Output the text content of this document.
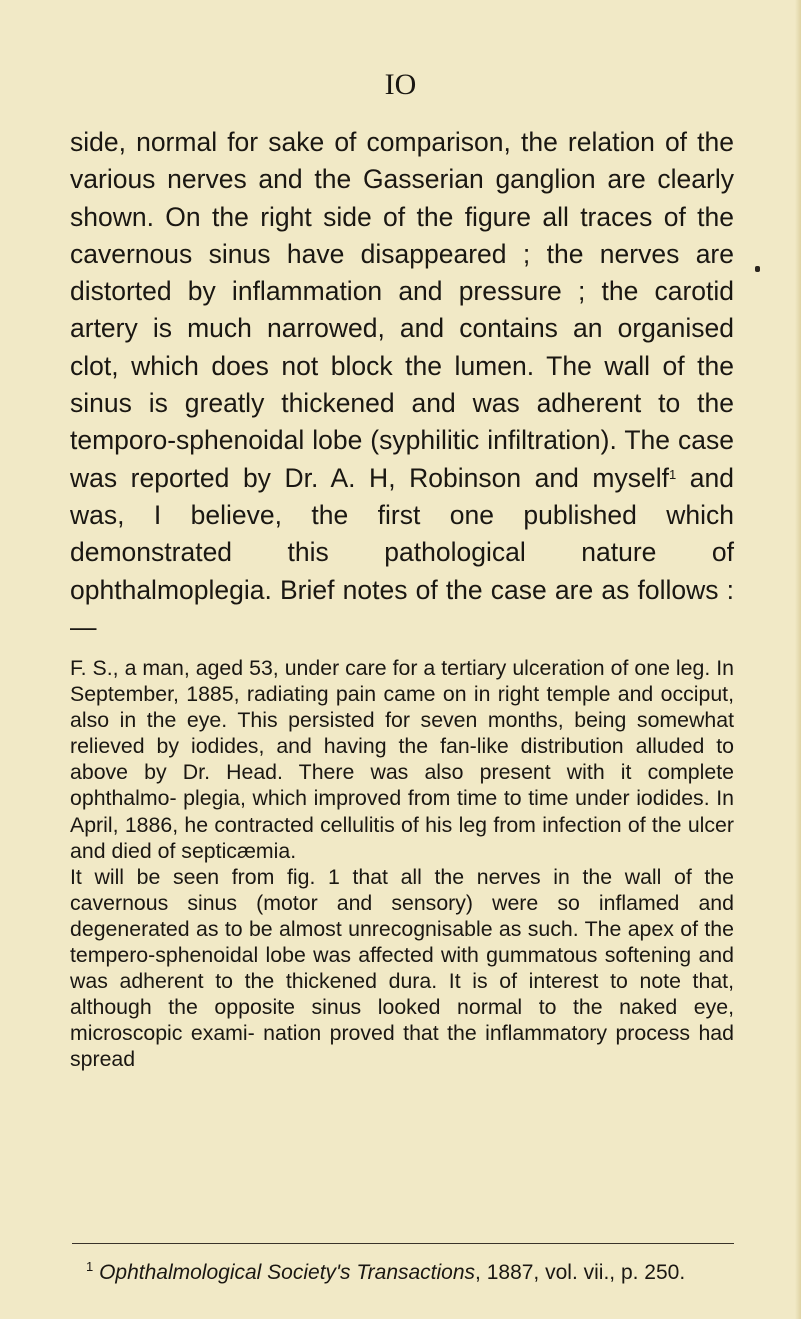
IO

side, normal for sake of comparison, the relation of the various nerves and the Gasserian ganglion are clearly shown. On the right side of the figure all traces of the cavernous sinus have disappeared ; the nerves are distorted by inflammation and pressure ; the carotid artery is much narrowed, and contains an organised clot, which does not block the lumen. The wall of the sinus is greatly thickened and was adherent to the temporo-sphenoidal lobe (syphilitic infiltration). The case was reported by Dr. A. H, Robinson and myself$^1$ and was, I believe, the first one published which demonstrated this pathological nature of ophthalmoplegia. Brief notes of the case are as follows :—

F. S., a man, aged 53, under care for a tertiary ulceration of one leg. In September, 1885, radiating pain came on in right temple and occiput, also in the eye. This persisted for seven months, being somewhat relieved by iodides, and having the fan-like distribution alluded to above by Dr. Head. There was also present with it complete ophthalmo- plegia, which improved from time to time under iodides. In April, 1886, he contracted cellulitis of his leg from infection of the ulcer and died of septicæmia.

It will be seen from fig. 1 that all the nerves in the wall of the cavernous sinus (motor and sensory) were so inflamed and degenerated as to be almost unrecognisable as such. The apex of the tempero-sphenoidal lobe was affected with gummatous softening and was adherent to the thickened dura. It is of interest to note that, although the opposite sinus looked normal to the naked eye, microscopic exami- nation proved that the inflammatory process had spread

$^1$ Ophthalmological Society's Transactions, 1887, vol. vii., p. 250.
